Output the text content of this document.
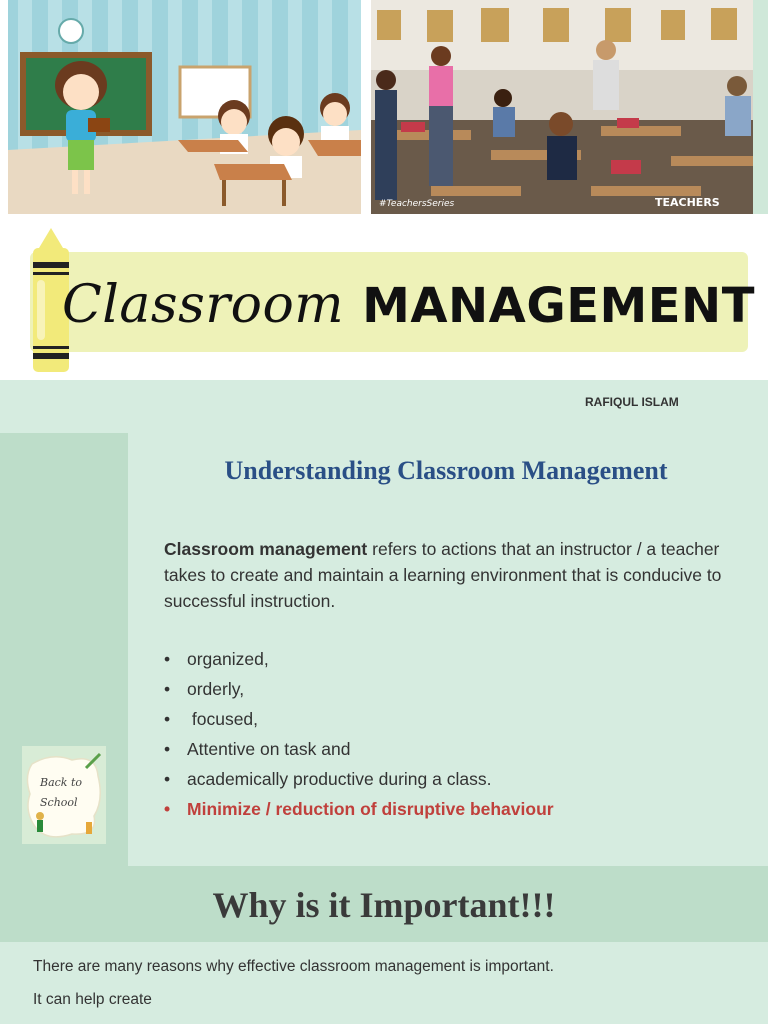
#TeachersSeries	TEACHERS
Classroom MANAGEMENT
RAFIQUL ISLAM
Back to
School
Understanding Classroom Management
Classroom management refers to actions that an instructor / a teacher takes to create and maintain a learning environment that is conducive to successful instruction.
• organized,
• orderly,
•  focused,
• Attentive on task and
• academically productive during a class.
• Minimize / reduction of disruptive behaviour
Why is it Important!!!
There are many reasons why effective classroom management is important.
It can help create
